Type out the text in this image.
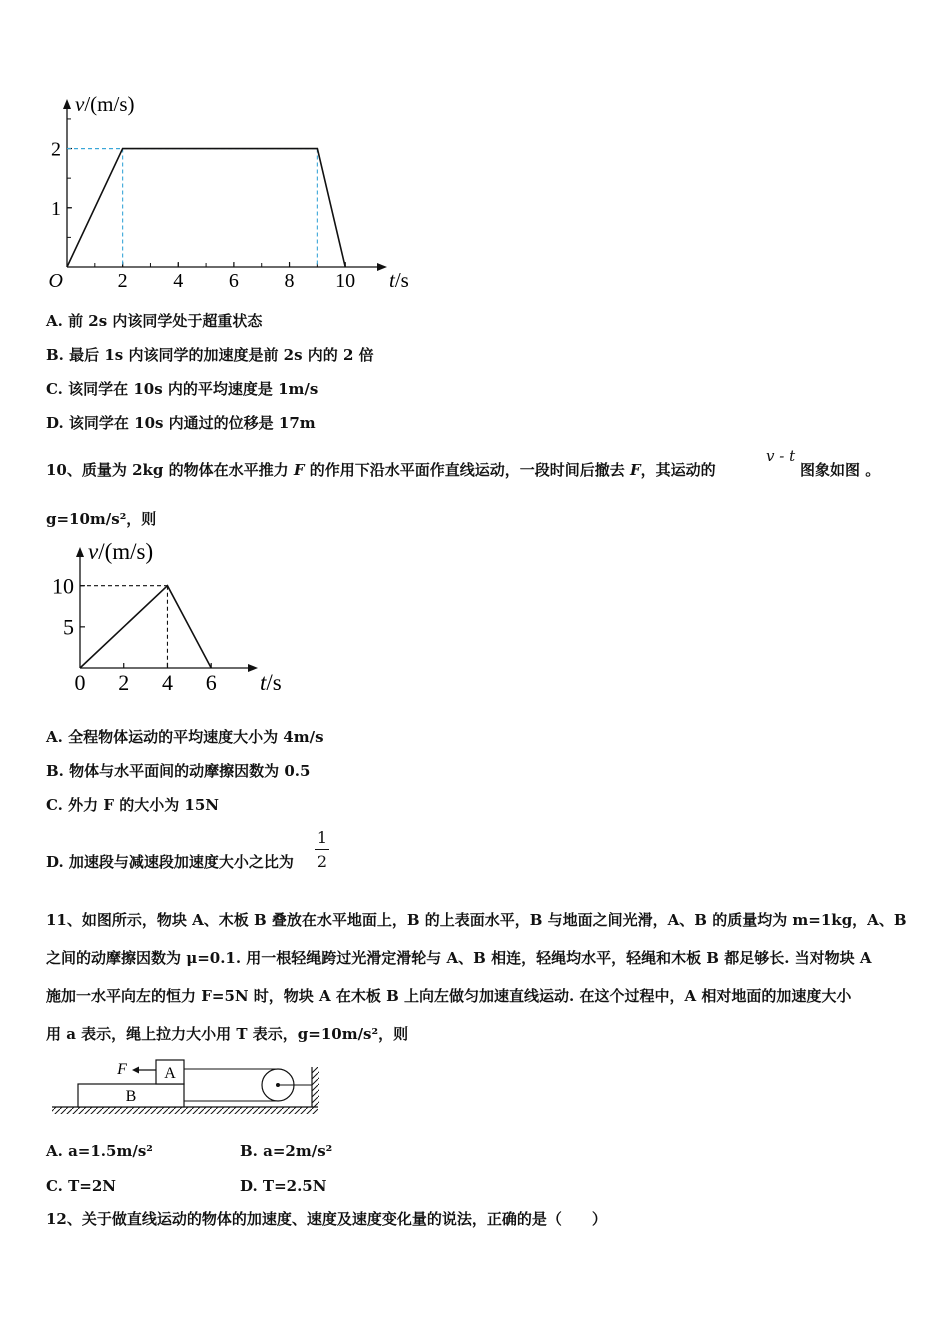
2 4 6 8 10
1
2
O
v/(m/s)
t/s
A. 前 2s 内该同学处于超重状态
B. 最后 1s 内该同学的加速度是前 2s 内的 2 倍
C. 该同学在 10s 内的平均速度是 1m/s
D. 该同学在 10s 内通过的位移是 17m
10、质量为 2kg 的物体在水平推力 F 的作用下沿水平面作直线运动，一段时间后撤去 F，其运动的
v - t
图象如图 。
g=10m/s²，则
0 2 4 6
5
10
v/(m/s)
t/s
A. 全程物体运动的平均速度大小为 4m/s
B. 物体与水平面间的动摩擦因数为 0.5
C. 外力 F 的大小为 15N
D. 加速段与减速段加速度大小之比为
1
2
11、如图所示，物块 A、木板 B 叠放在水平地面上，B 的上表面水平，B 与地面之间光滑，A、B 的质量均为 m=1kg，A、B
之间的动摩擦因数为 μ=0.1. 用一根轻绳跨过光滑定滑轮与 A、B 相连，轻绳均水平，轻绳和木板 B 都足够长. 当对物块 A
施加一水平向左的恒力 F=5N 时，物块 A 在木板 B 上向左做匀加速直线运动. 在这个过程中，A 相对地面的加速度大小
用 a 表示，绳上拉力大小用 T 表示，g=10m/s²，则
B
A
F
A. a=1.5m/s²	B. a=2m/s²
C. T=2N	D. T=2.5N
12、关于做直线运动的物体的加速度、速度及速度变化量的说法，正确的是（　　）
